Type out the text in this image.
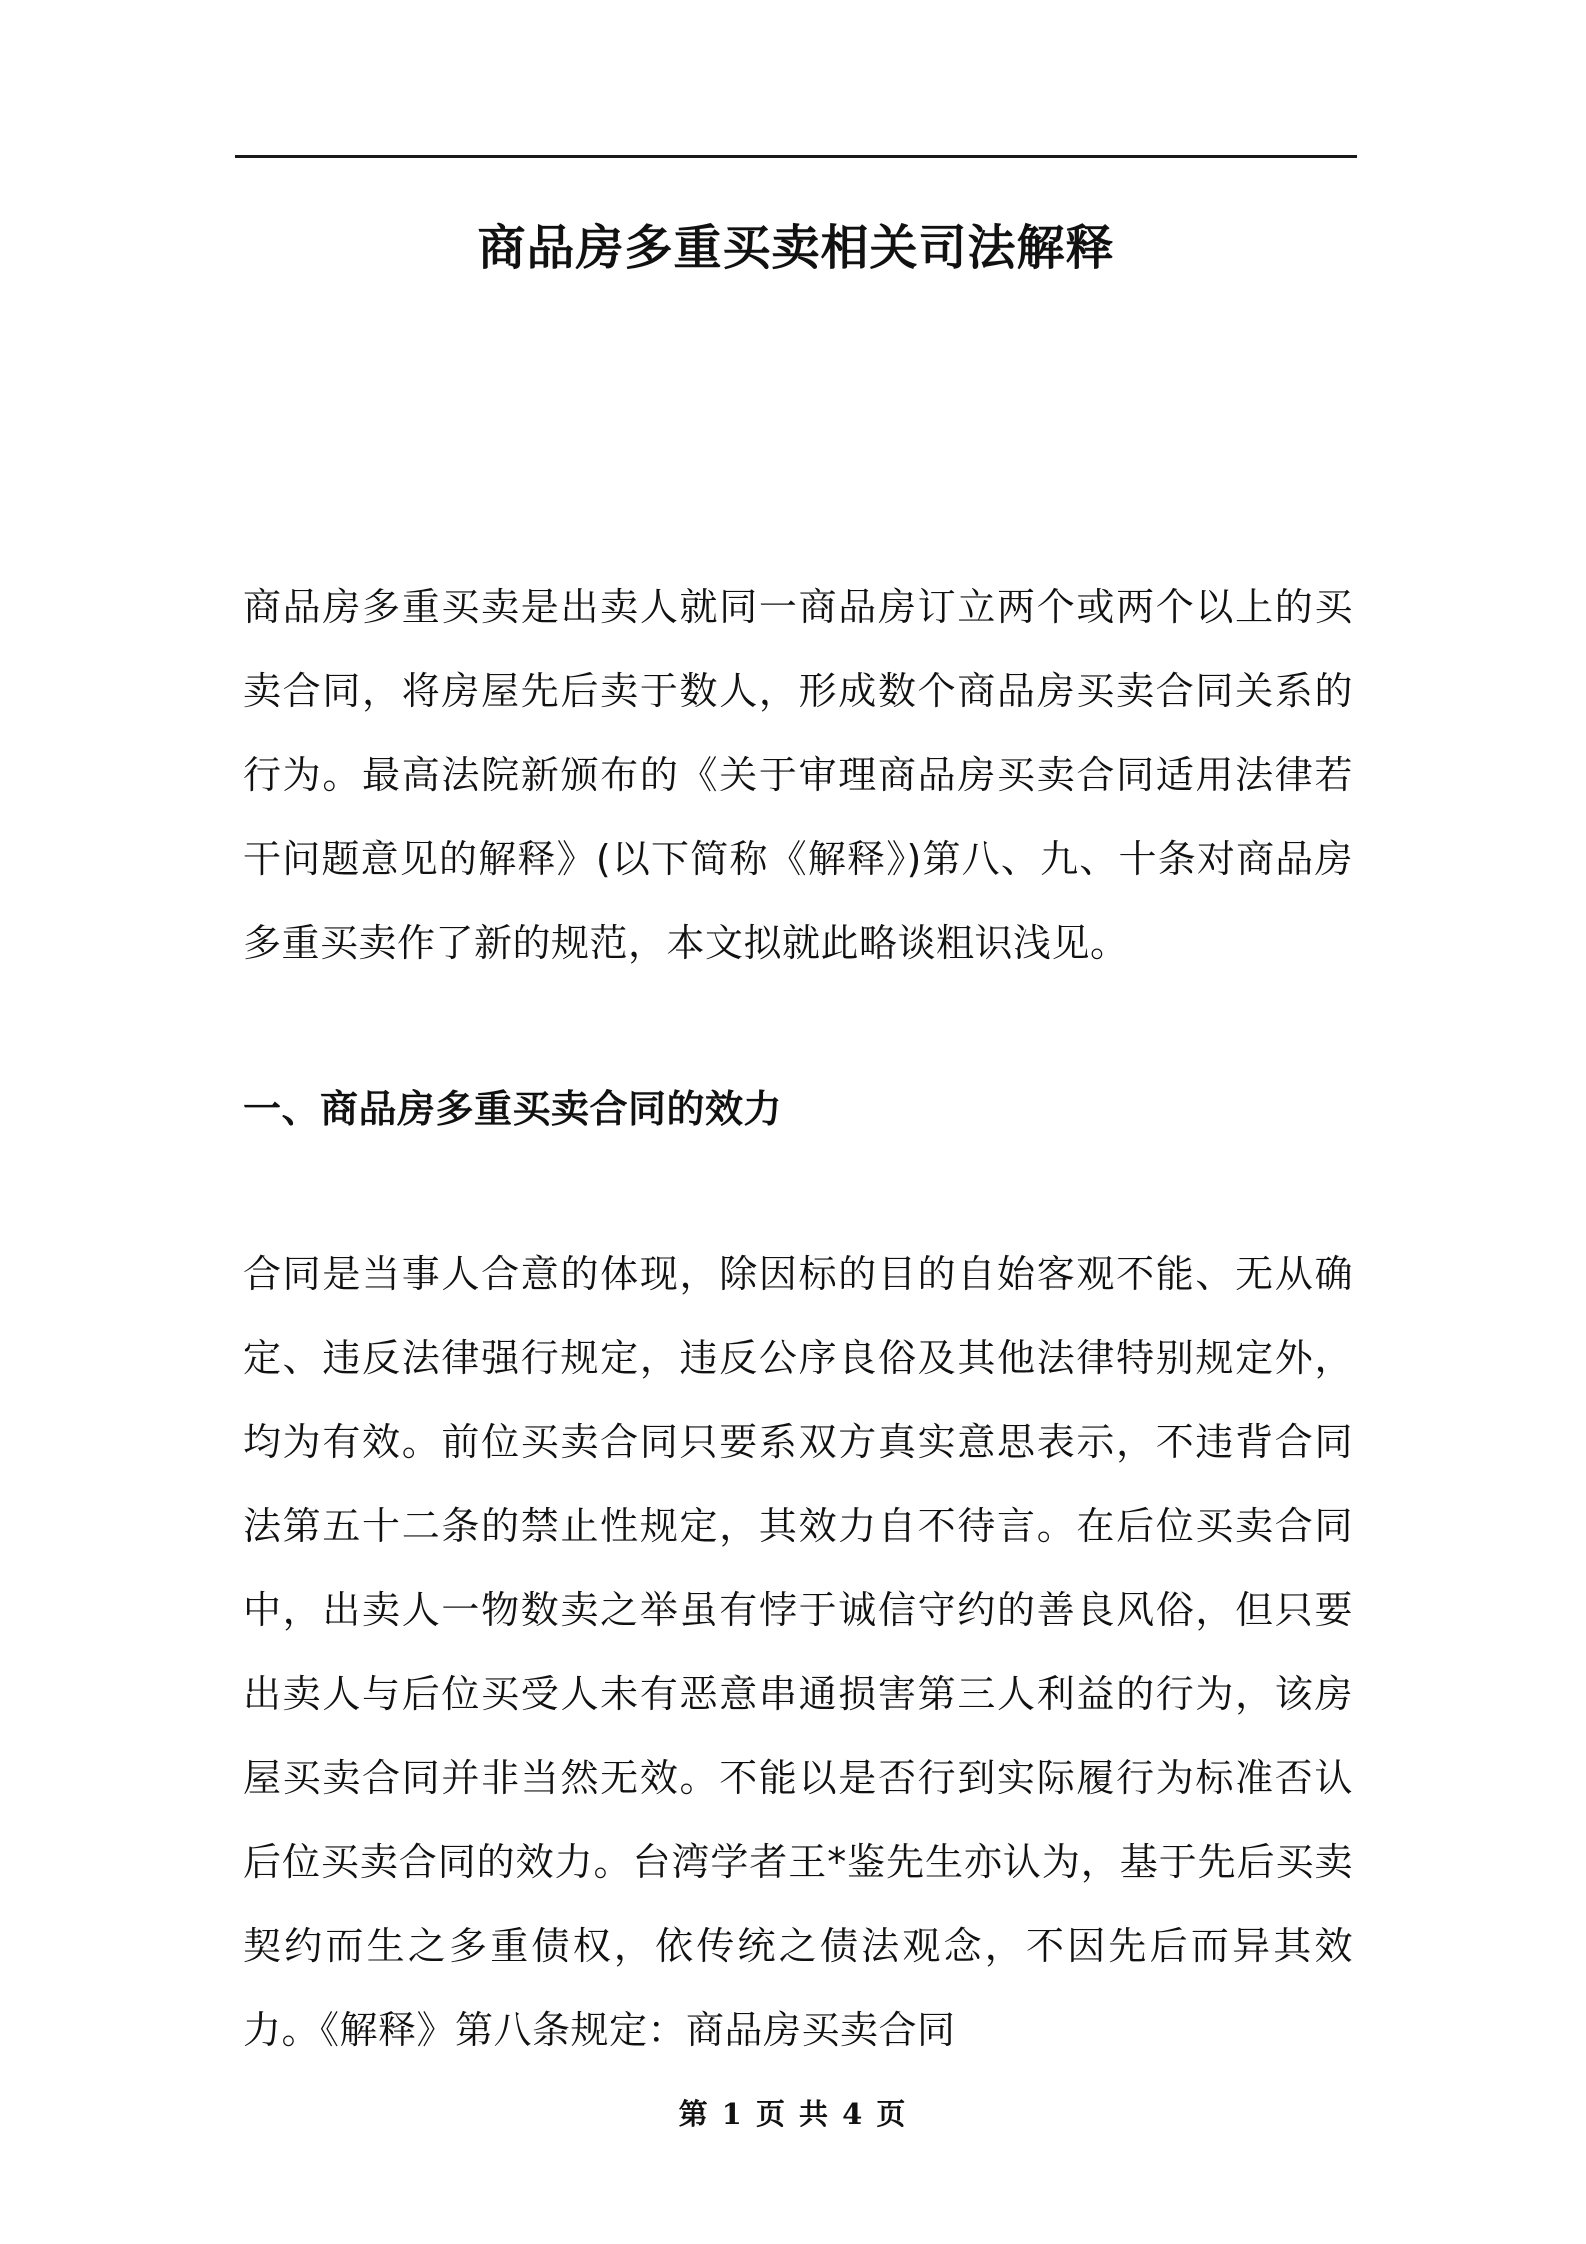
商品房多重买卖相关司法解释

商品房多重买卖是出卖人就同一商品房订立两个或两个以上的买卖合同，将房屋先后卖于数人，形成数个商品房买卖合同关系的行为。最高法院新颁布的《关于审理商品房买卖合同适用法律若干问题意见的解释》(以下简称《解释》)第八、九、十条对商品房多重买卖作了新的规范，本文拟就此略谈粗识浅见。

一、商品房多重买卖合同的效力

合同是当事人合意的体现，除因标的目的自始客观不能、无从确定、违反法律强行规定，违反公序良俗及其他法律特别规定外，均为有效。前位买卖合同只要系双方真实意思表示，不违背合同法第五十二条的禁止性规定，其效力自不待言。在后位买卖合同中，出卖人一物数卖之举虽有悖于诚信守约的善良风俗，但只要出卖人与后位买受人未有恶意串通损害第三人利益的行为，该房屋买卖合同并非当然无效。不能以是否行到实际履行为标准否认后位买卖合同的效力。台湾学者王*鉴先生亦认为，基于先后买卖契约而生之多重债权，依传统之债法观念，不因先后而异其效力。《解释》第八条规定：商品房买卖合同

第 1 页 共 4 页
